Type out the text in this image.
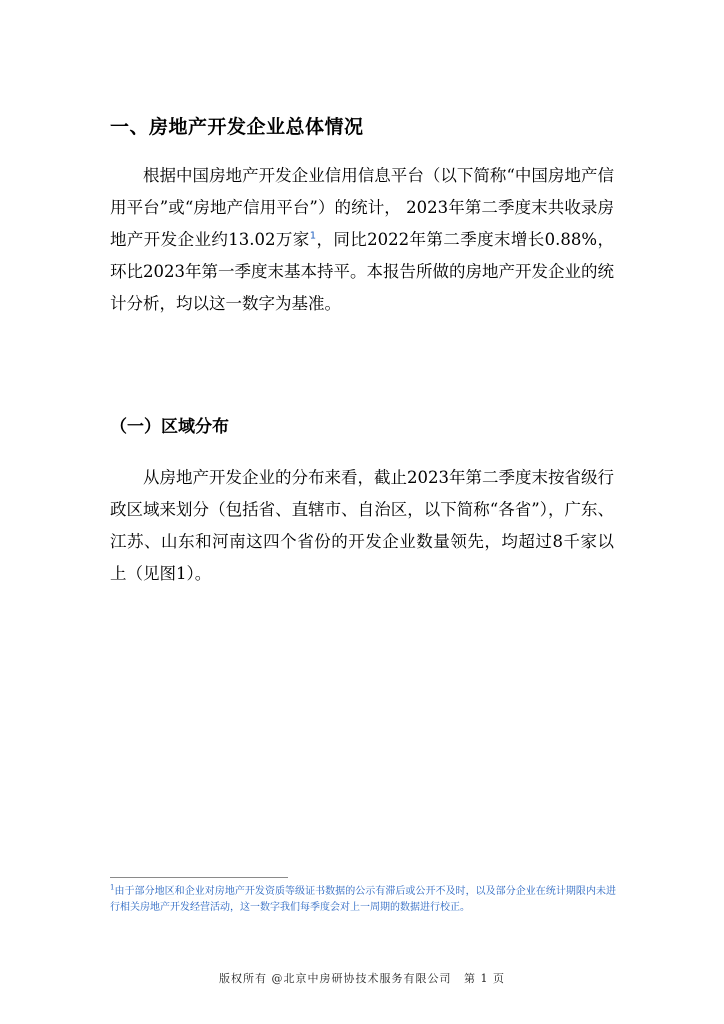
一、房地产开发企业总体情况

根据中国房地产开发企业信用信息平台（以下简称“中国房地产信用平台”或“房地产信用平台”）的统计， 2023年第二季度末共收录房地产开发企业约13.02万家$^1$，同比2022年第二季度末增长0.88%，环比2023年第一季度末基本持平。本报告所做的房地产开发企业的统计分析，均以这一数字为基准。

（一）区域分布

从房地产开发企业的分布来看，截止2023年第二季度末按省级行政区域来划分（包括省、直辖市、自治区，以下简称“各省”），广东、江苏、山东和河南这四个省份的开发企业数量领先，均超过8千家以上（见图1）。

$^1$由于部分地区和企业对房地产开发资质等级证书数据的公示有滞后或公开不及时，以及部分企业在统计期限内未进行相关房地产开发经营活动，这一数字我们每季度会对上一周期的数据进行校正。

版权所有 @北京中房研协技术服务有限公司 第 1 页
